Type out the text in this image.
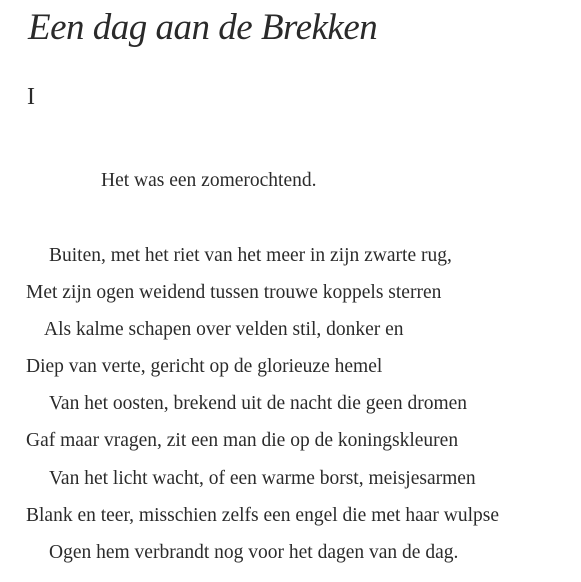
Een dag aan de Brekken
I

Het was een zomerochtend.

Buiten, met het riet van het meer in zijn zwarte rug,
Met zijn ogen weidend tussen trouwe koppels sterren
Als kalme schapen over velden stil, donker en
Diep van verte, gericht op de glorieuze hemel
Van het oosten, brekend uit de nacht die geen dromen
Gaf maar vragen, zit een man die op de koningskleuren
Van het licht wacht, of een warme borst, meisjesarmen
Blank en teer, misschien zelfs een engel die met haar wulpse
Ogen hem verbrandt nog voor het dagen van de dag.
